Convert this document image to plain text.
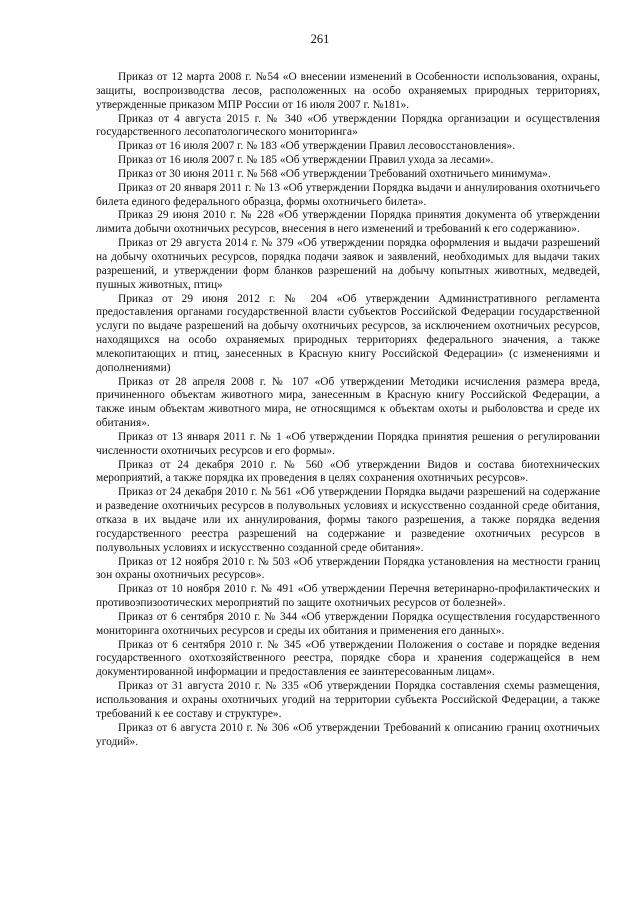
261

Приказ от 12 марта 2008 г. №54 «О внесении изменений в Особенности использования, охраны, защиты, воспроизводства лесов, расположенных на особо охраняемых природных территориях, утвержденные приказом МПР России от 16 июля 2007 г. №181».

Приказ от 4 августа 2015 г. № 340 «Об утверждении Порядка организации и осуществления государственного лесопатологического мониторинга»

Приказ от 16 июля 2007 г. № 183 «Об утверждении Правил лесовосстановления».

Приказ от 16 июля 2007 г. № 185 «Об утверждении Правил ухода за лесами».

Приказ от 30 июня 2011 г. № 568 «Об утверждении Требований охотничьего минимума».

Приказ от 20 января 2011 г. № 13 «Об утверждении Порядка выдачи и аннулирования охотничьего билета единого федерального образца, формы охотничьего билета».

Приказ 29 июня 2010 г. № 228 «Об утверждении Порядка принятия документа об утверждении лимита добычи охотничьих ресурсов, внесения в него изменений и требований к его содержанию».

Приказ от 29 августа 2014 г. № 379 «Об утверждении порядка оформления и выдачи разрешений на добычу охотничьих ресурсов, порядка подачи заявок и заявлений, необходимых для выдачи таких разрешений, и утверждении форм бланков разрешений на добычу копытных животных, медведей, пушных животных, птиц»

Приказ от 29 июня 2012 г. № 204 «Об утверждении Административного регламента предоставления органами государственной власти субъектов Российской Федерации государственной услуги по выдаче разрешений на добычу охотничьих ресурсов, за исключением охотничьих ресурсов, находящихся на особо охраняемых природных территориях федерального значения, а также млекопитающих и птиц, занесенных в Красную книгу Российской Федерации» (с изменениями и дополнениями)

Приказ от 28 апреля 2008 г. № 107 «Об утверждении Методики исчисления размера вреда, причиненного объектам животного мира, занесенным в Красную книгу Российской Федерации, а также иным объектам животного мира, не относящимся к объектам охоты и рыболовства и среде их обитания».

Приказ от 13 января 2011 г. № 1 «Об утверждении Порядка принятия решения о регулировании численности охотничьих ресурсов и его формы».

Приказ от 24 декабря 2010 г. № 560 «Об утверждении Видов и состава биотехнических мероприятий, а также порядка их проведения в целях сохранения охотничьих ресурсов».

Приказ от 24 декабря 2010 г. № 561 «Об утверждении Порядка выдачи разрешений на содержание и разведение охотничьих ресурсов в полувольных условиях и искусственно созданной среде обитания, отказа в их выдаче или их аннулирования, формы такого разрешения, а также порядка ведения государственного реестра разрешений на содержание и разведение охотничьих ресурсов в полувольных условиях и искусственно созданной среде обитания».

Приказ от 12 ноября 2010 г. № 503 «Об утверждении Порядка установления на местности границ зон охраны охотничьих ресурсов».

Приказ от 10 ноября 2010 г. № 491 «Об утверждении Перечня ветеринарно-профилактических и противоэпизоотических мероприятий по защите охотничьих ресурсов от болезней».

Приказ от 6 сентября 2010 г. № 344 «Об утверждении Порядка осуществления государственного мониторинга охотничьих ресурсов и среды их обитания и применения его данных».

Приказ от 6 сентября 2010 г. № 345 «Об утверждении Положения о составе и порядке ведения государственного охотхозяйственного реестра, порядке сбора и хранения содержащейся в нем документированной информации и предоставления ее заинтересованным лицам».

Приказ от 31 августа 2010 г. № 335 «Об утверждении Порядка составления схемы размещения, использования и охраны охотничьих угодий на территории субъекта Российской Федерации, а также требований к ее составу и структуре».

Приказ от 6 августа 2010 г. № 306 «Об утверждении Требований к описанию границ охотничьих угодий».
